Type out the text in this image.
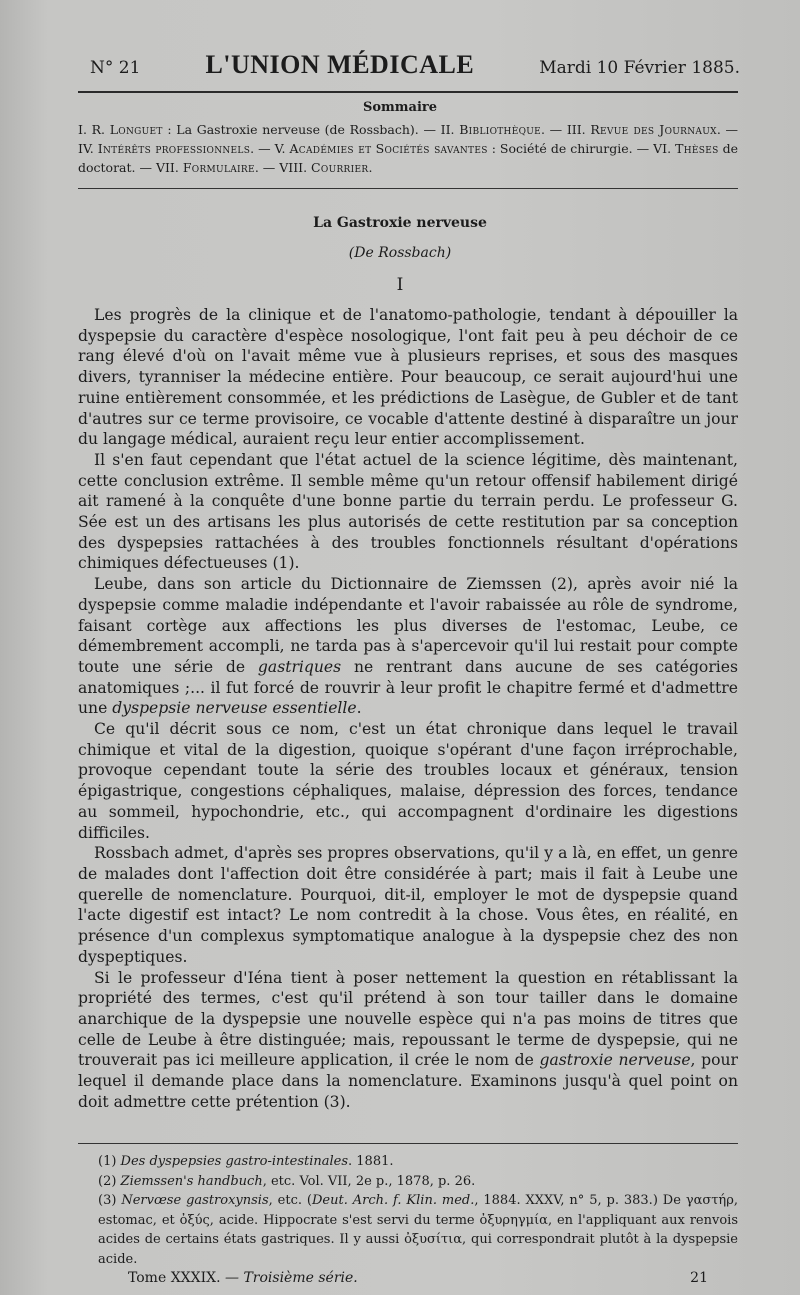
N° 21	L'UNION MÉDICALE	Mardi 10 Février 1885.
Sommaire
I. R. Longuet : La Gastroxie nerveuse (de Rossbach). — II. Bibliothèque. — III. Revue des Journaux. — IV. Intérêts professionnels. — V. Académies et Sociétés savantes : Société de chirurgie. — VI. Thèses de doctorat. — VII. Formulaire. — VIII. Courrier.
La Gastroxie nerveuse
(De Rossbach)
I

Les progrès de la clinique et de l'anatomo-pathologie, tendant à dépouiller la dyspepsie du caractère d'espèce nosologique, l'ont fait peu à peu déchoir de ce rang élevé d'où on l'avait même vue à plusieurs reprises, et sous des masques divers, tyranniser la médecine entière. Pour beaucoup, ce serait aujourd'hui une ruine entièrement consommée, et les prédictions de Lasègue, de Gubler et de tant d'autres sur ce terme provisoire, ce vocable d'attente destiné à disparaître un jour du langage médical, auraient reçu leur entier accomplissement.

Il s'en faut cependant que l'état actuel de la science légitime, dès maintenant, cette conclusion extrême. Il semble même qu'un retour offensif habilement dirigé ait ramené à la conquête d'une bonne partie du terrain perdu. Le professeur G. Sée est un des artisans les plus autorisés de cette restitution par sa conception des dyspepsies rattachées à des troubles fonctionnels résultant d'opérations chimiques défectueuses (1).

Leube, dans son article du Dictionnaire de Ziemssen (2), après avoir nié la dyspepsie comme maladie indépendante et l'avoir rabaissée au rôle de syndrome, faisant cortège aux affections les plus diverses de l'estomac, Leube, ce démembrement accompli, ne tarda pas à s'apercevoir qu'il lui restait pour compte toute une série de gastriques ne rentrant dans aucune de ses catégories anatomiques ;... il fut forcé de rouvrir à leur profit le chapitre fermé et d'admettre une dyspepsie nerveuse essentielle.

Ce qu'il décrit sous ce nom, c'est un état chronique dans lequel le travail chimique et vital de la digestion, quoique s'opérant d'une façon irréprochable, provoque cependant toute la série des troubles locaux et généraux, tension épigastrique, congestions céphaliques, malaise, dépression des forces, tendance au sommeil, hypochondrie, etc., qui accompagnent d'ordinaire les digestions difficiles.

Rossbach admet, d'après ses propres observations, qu'il y a là, en effet, un genre de malades dont l'affection doit être considérée à part; mais il fait à Leube une querelle de nomenclature. Pourquoi, dit-il, employer le mot de dyspepsie quand l'acte digestif est intact? Le nom contredit à la chose. Vous êtes, en réalité, en présence d'un complexus symptomatique analogue à la dyspepsie chez des non dyspeptiques.

Si le professeur d'Iéna tient à poser nettement la question en rétablissant la propriété des termes, c'est qu'il prétend à son tour tailler dans le domaine anarchique de la dyspepsie une nouvelle espèce qui n'a pas moins de titres que celle de Leube à être distinguée; mais, repoussant le terme de dyspepsie, qui ne trouverait pas ici meilleure application, il crée le nom de gastroxie nerveuse, pour lequel il demande place dans la nomenclature. Examinons jusqu'à quel point on doit admettre cette prétention (3).

(1) Des dyspepsies gastro-intestinales. 1881.

(2) Ziemssen's handbuch, etc. Vol. VII, 2e p., 1878, p. 26.

(3) Nervœse gastroxynsis, etc. (Deut. Arch. f. Klin. med., 1884. XXXV, n° 5, p. 383.) De γαστήρ, estomac, et ὀξύς, acide. Hippocrate s'est servi du terme ὀξυρηγμία, en l'appliquant aux renvois acides de certains états gastriques. Il y aussi ὀξυσίτια, qui correspondrait plutôt à la dyspepsie acide.

Tome XXXIX. — Troisième série.	21
